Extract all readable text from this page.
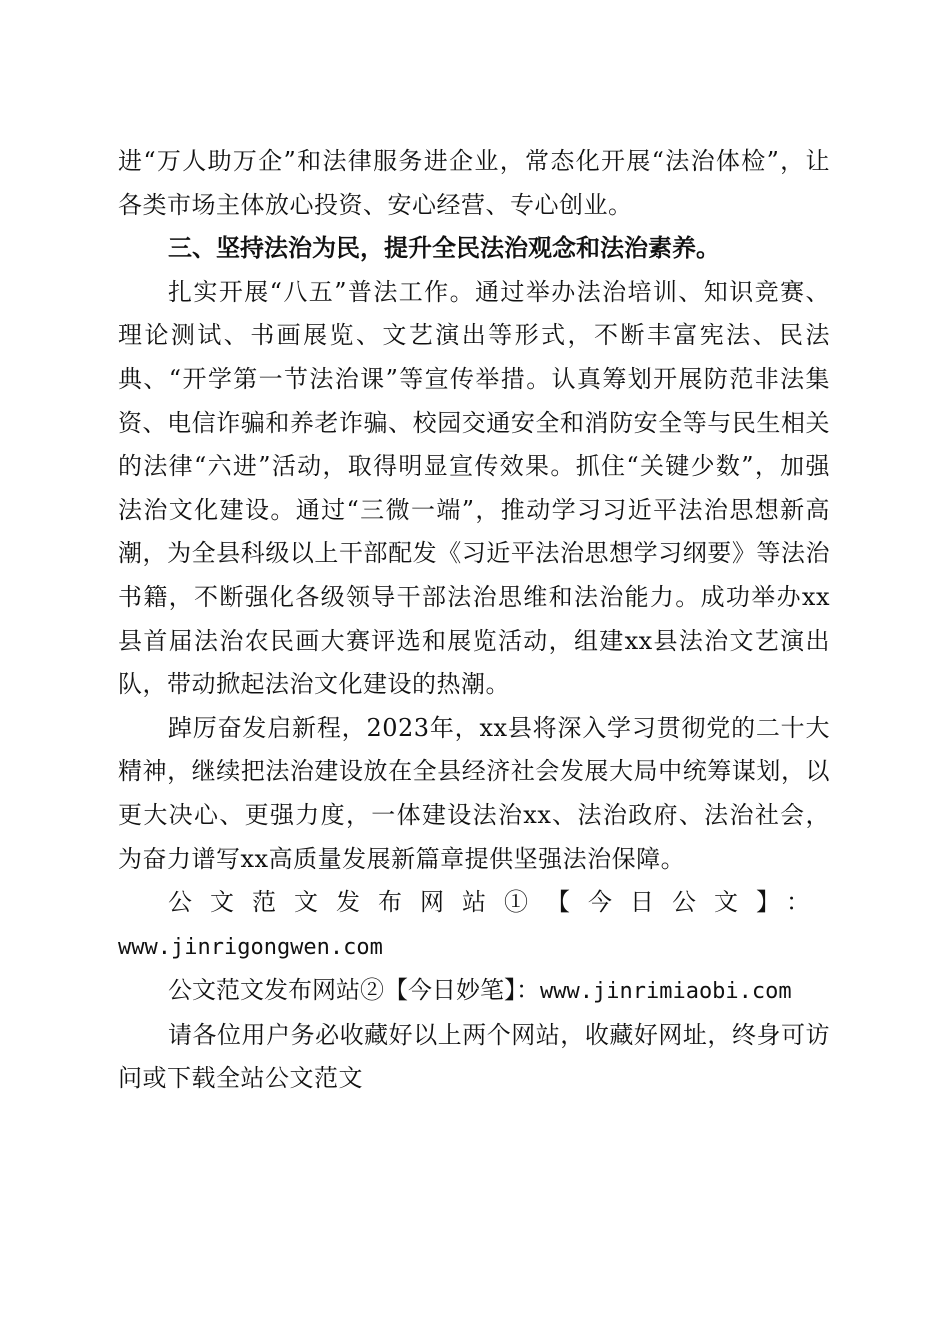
进“万人助万企”和法律服务进企业，常态化开展“法治体检”，让各类市场主体放心投资、安心经营、专心创业。

三、坚持法治为民，提升全民法治观念和法治素养。

扎实开展“八五”普法工作。通过举办法治培训、知识竞赛、理论测试、书画展览、文艺演出等形式，不断丰富宪法、民法典、“开学第一节法治课”等宣传举措。认真筹划开展防范非法集资、电信诈骗和养老诈骗、校园交通安全和消防安全等与民生相关的法律“六进”活动，取得明显宣传效果。抓住“关键少数”，加强法治文化建设。通过“三微一端”，推动学习习近平法治思想新高潮，为全县科级以上干部配发《习近平法治思想学习纲要》等法治书籍，不断强化各级领导干部法治思维和法治能力。成功举办xx县首届法治农民画大赛评选和展览活动，组建xx县法治文艺演出队，带动掀起法治文化建设的热潮。

踔厉奋发启新程，2023年，xx县将深入学习贯彻党的二十大精神，继续把法治建设放在全县经济社会发展大局中统筹谋划，以更大决心、更强力度，一体建设法治xx、法治政府、法治社会，为奋力谱写xx高质量发展新篇章提供坚强法治保障。

公文范文发布网站①【今日公文】：
www.jinrigongwen.com

公文范文发布网站②【今日妙笔】：www.jinrimiaobi.com

请各位用户务必收藏好以上两个网站，收藏好网址，终身可访问或下载全站公文范文
